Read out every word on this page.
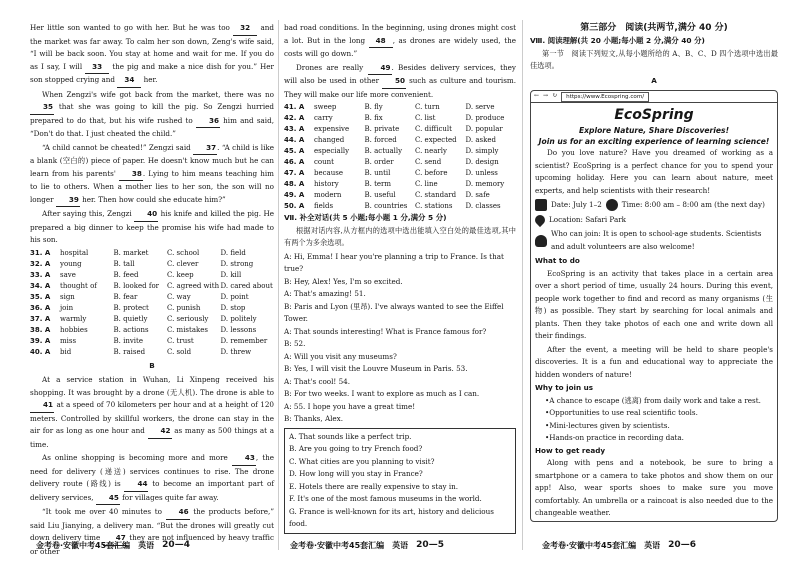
Her little son wanted to go with her. But he was too 32 and the market was far away. To calm her son down, Zeng's wife said, “I will be back soon. You stay at home and wait for me. If you do as I say, I will 33 the pig and make a nice dish for you.” Her son stopped crying and 34 her.

When Zengzi's wife got back from the market, there was no 35 that she was going to kill the pig. So Zengzi hurried prepared to do that, but his wife rushed to 36 him and said, “Don't do that. I just cheated the child.”

“A child cannot be cheated!” Zengzi said 37. “A child is like a blank (空白的) piece of paper. He doesn't know much but he can learn from his parents' 38. Lying to him means teaching him to lie to others. When a mother lies to her son, the son will no longer 39 her. Then how could she educate him?”

After saying this, Zengzi 40 his knife and killed the pig. He prepared a big dinner to keep the promise his wife had made to his son.

31. A	hospital	B. market	C. school	D. field
32. A	young	B. tall	C. clever	D. strong
33. A	save	B. feed	C. keep	D. kill
34. A	thought of	B. looked for	C. agreed with D. cared about
35. A	sign	B. fear	C. way	D. point
36. A	join	B. protect	C. punish	D. stop
37. A	warmly	B. quietly	C. seriously	D. politely
38. A	hobbies	B. actions	C. mistakes	D. lessons
39. A	miss	B. invite	C. trust	D. remember
40. A	bid	B. raised	C. sold	D. threw
B

At a service station in Wuhan, Li Xinpeng received his shopping. It was brought by a drone (无人机). The drone is able to 41 at a speed of 70 kilometers per hour and at a height of 120 meters. Controlled by skillful workers, the drone can stay in the air for as long as one hour and 42 as many as 500 things at a time.

As online shopping is becoming more and more 43, the need for delivery (递送) services continues to rise. The drone delivery route (路线) is 44 to become an important part of delivery services, 45 for villages quite far away.

“It took me over 40 minutes to 46 the products before,” said Liu Jianying, a delivery man. “But the drones will greatly cut down delivery time 47 they are not influenced by heavy traffic or other

bad road conditions. In the beginning, using drones might cost a lot. But in the long 48 , as drones are widely used, the costs will go down.”

Drones are really 49. Besides delivery services, they will also be used in other 50 such as culture and tourism. They will make our life more convenient.

41. A	sweep	B. fly	C. turn	D. serve
42. A	carry	B. fix	C. list	D. produce
43. A	expensive	B. private	C. difficult	D. popular
44. A	changed	B. forced	C. expected	D. asked
45. A	especially	B. actually	C. nearly	D. simply
46. A	count	B. order	C. send	D. design
47. A	because	B. until	C. before	D. unless
48. A	history	B. term	C. line	D. memory
49. A	modern	B. useful	C. standard	D. safe
50. A	fields	B. countries	C. stations	D. classes
Ⅶ. 补全对话(共 5 小题;每小题 1 分,满分 5 分)

根据对话内容,从方框内的选项中选出能填入空白处的最佳选项,其中有两个为多余选项。

A: Hi, Emma! I hear you're planning a trip to France. Is that true?
B: Hey, Alex! Yes, I'm so excited.
A: That's amazing! 51.
B: Paris and Lyon (里昂). I've always wanted to see the Eiffel Tower.
A: That sounds interesting! What is France famous for?
B: 52.
A: Will you visit any museums?
B: Yes, I will visit the Louvre Museum in Paris. 53.
A: That's cool! 54.
B: For two weeks. I want to explore as much as I can.
A: 55. I hope you have a great time!
B: Thanks, Alex.
A. That sounds like a perfect trip.
B. Are you going to try French food?
C. What cities are you planning to visit?
D. How long will you stay in France?
E. Hotels there are really expensive to stay in.
F. It's one of the most famous museums in the world.
G. France is well-known for its art, history and delicious food.
第三部分　阅读(共两节,满分 40 分)
Ⅷ. 阅读理解(共 20 小题;每小题 2 分,满分 40 分)

第一节　阅读下列短文,从每小题所给的 A、B、C、D 四个选项中选出最佳选项。

A
← → ↻	https://www.Ecospring.com/
EcoSpring
Explore Nature, Share Discoveries!
Join us for an exciting experience of learning science!

Do you love nature? Have you dreamed of working as a scientist? EcoSpring is a perfect chance for you to spend your upcoming holiday. Here you can learn about nature, meet experts, and help scientists with their research!

Date: July 1–2	Time: 8:00 am – 8:00 am (the next day)
Location: Safari Park
Who can join: It is open to school-age students. Scientists and adult volunteers are also welcome!
What to do

EcoSpring is an activity that takes place in a certain area over a short period of time, usually 24 hours. During this event, people work together to find and record as many organisms (生物) as possible. They start by searching for local animals and plants. Then they take photos of each one and write down all their findings.

After the event, a meeting will be held to share people's discoveries. It is a fun and educational way to appreciate the hidden wonders of nature!

Why to join us
• A chance to escape (逃离) from daily work and take a rest.
• Opportunities to use real scientific tools.
• Mini-lectures given by scientists.
• Hands-on practice in recording data.
How to get ready

Along with pens and a notebook, be sure to bring a smartphone or a camera to take photos and show them on our app! Also, wear sports shoes to make sure you move comfortably. An umbrella or a raincoat is also needed due to the changeable weather.

金考卷·安徽中考45套汇编 英语 20—4	金考卷·安徽中考45套汇编 英语 20—5	金考卷·安徽中考45套汇编 英语 20—6
